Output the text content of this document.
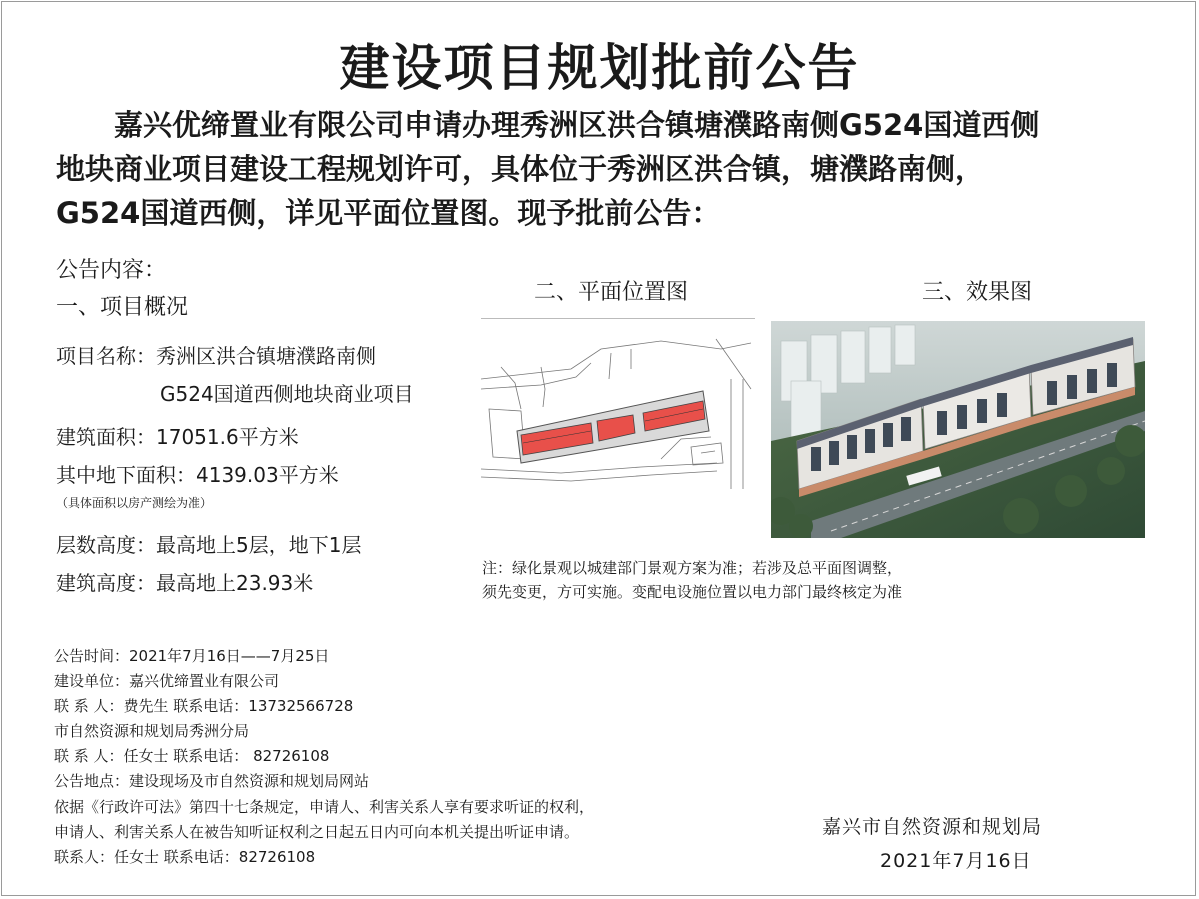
建设项目规划批前公告

嘉兴优缔置业有限公司申请办理秀洲区洪合镇塘濮路南侧G524国道西侧
地块商业项目建设工程规划许可，具体位于秀洲区洪合镇，塘濮路南侧，
G524国道西侧，详见平面位置图。现予批前公告：

公告内容：

一、项目概况

项目名称：秀洲区洪合镇塘濮路南侧

G524国道西侧地块商业项目

建筑面积：17051.6平方米

其中地下面积：4139.03平方米

（具体面积以房产测绘为准）

层数高度：最高地上5层，地下1层

建筑高度：最高地上23.93米

二、平面位置图	三、效果图

注：绿化景观以城建部门景观方案为准；若涉及总平面图调整，

须先变更，方可实施。变配电设施位置以电力部门最终核定为准

公告时间：2021年7月16日——7月25日

建设单位：嘉兴优缔置业有限公司

联 系 人：费先生 联系电话：13732566728

市自然资源和规划局秀洲分局

联 系 人：任女士 联系电话： 82726108

公告地点：建设现场及市自然资源和规划局网站

依据《行政许可法》第四十七条规定，申请人、利害关系人享有要求听证的权利，

申请人、利害关系人在被告知听证权利之日起五日内可向本机关提出听证申请。

联系人：任女士 联系电话：82726108

嘉兴市自然资源和规划局

2021年7月16日
